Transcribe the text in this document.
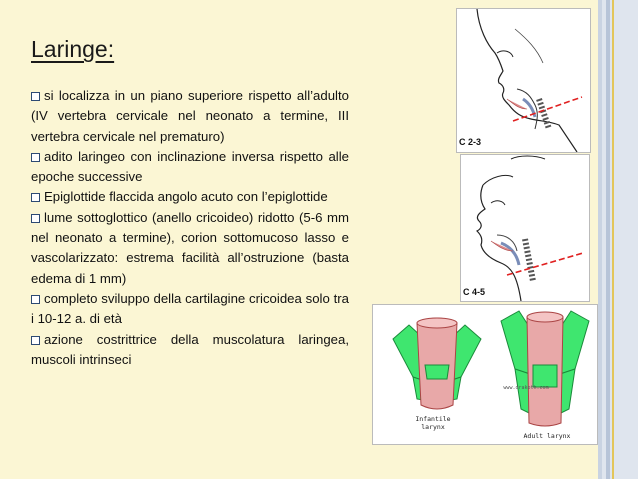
Laringe:

si localizza in un piano superiore rispetto all’adulto (IV vertebra cervicale nel neonato a termine, III vertebra cervicale nel prematuro)

adito laringeo con inclinazione inversa rispetto alle epoche successive

Epiglottide flaccida angolo acuto con l’epiglottide

lume sottoglottico (anello cricoideo) ridotto (5-6 mm nel neonato a termine), corion sottomucoso lasso e vascolarizzato: estrema facilità all’ostruzione (basta edema di 1 mm)

completo sviluppo della cartilagine cricoidea solo tra i 10-12 a. di età

azione costrittrice della muscolatura laringea, muscoli intrinseci

C 2-3
C 4-5
www.drakoth.com
Infantile
larynx
Adult larynx
